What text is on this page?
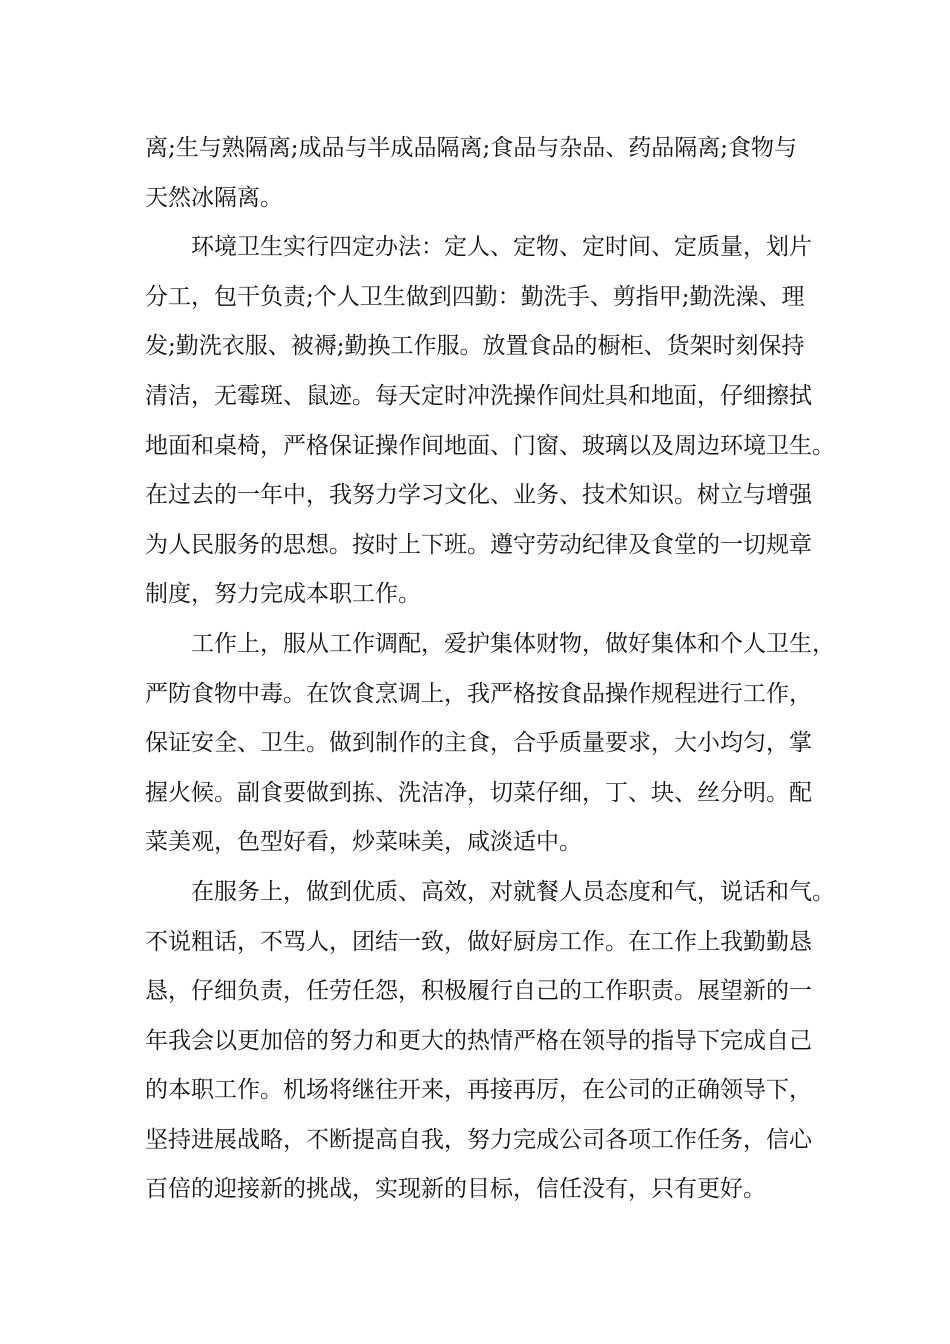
离;生与熟隔离;成品与半成品隔离;食品与杂品、药品隔离;食物与
天然冰隔离。
环境卫生实行四定办法：定人、定物、定时间、定质量，划片
分工，包干负责;个人卫生做到四勤：勤洗手、剪指甲;勤洗澡、理
发;勤洗衣服、被褥;勤换工作服。放置食品的橱柜、货架时刻保持
清洁，无霉斑、鼠迹。每天定时冲洗操作间灶具和地面，仔细擦拭
地面和桌椅，严格保证操作间地面、门窗、玻璃以及周边环境卫生。
在过去的一年中，我努力学习文化、业务、技术知识。树立与增强
为人民服务的思想。按时上下班。遵守劳动纪律及食堂的一切规章
制度，努力完成本职工作。
工作上，服从工作调配，爱护集体财物，做好集体和个人卫生，
严防食物中毒。在饮食烹调上，我严格按食品操作规程进行工作，
保证安全、卫生。做到制作的主食，合乎质量要求，大小均匀，掌
握火候。副食要做到拣、洗洁净，切菜仔细，丁、块、丝分明。配
菜美观，色型好看，炒菜味美，咸淡适中。
在服务上，做到优质、高效，对就餐人员态度和气，说话和气。
不说粗话，不骂人，团结一致，做好厨房工作。在工作上我勤勤恳
恳，仔细负责，任劳任怨，积极履行自己的工作职责。展望新的一
年我会以更加倍的努力和更大的热情严格在领导的指导下完成自己
的本职工作。机场将继往开来，再接再厉，在公司的正确领导下，
坚持进展战略，不断提高自我，努力完成公司各项工作任务，信心
百倍的迎接新的挑战，实现新的目标，信任没有，只有更好。
